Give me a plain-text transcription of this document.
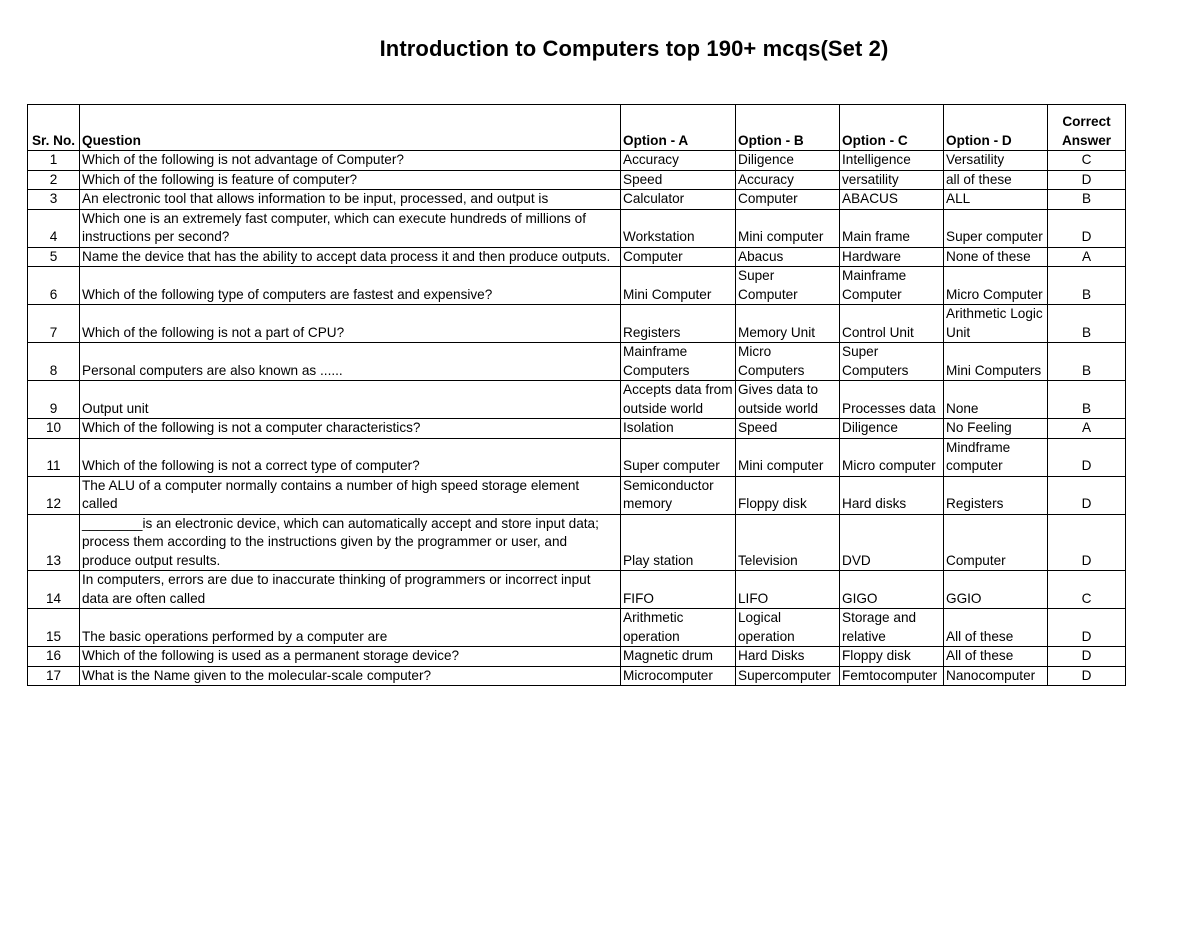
Introduction to Computers top 190+ mcqs(Set 2)
Sr. No.	Question	Option - A	Option - B	Option - C	Option - D	Correct Answer
1	Which of the following is not advantage of Computer?	Accuracy	Diligence	Intelligence	Versatility	C
2	Which of the following is feature of computer?	Speed	Accuracy	versatility	all of these	D
3	An electronic tool that allows information to be input, processed, and output is	Calculator	Computer	ABACUS	ALL	B
4	Which one is an extremely fast computer, which can execute hundreds of millions of instructions per second?	Workstation	Mini computer	Main frame	Super computer	D
5	Name the device that has the ability to accept data process it and then produce outputs.	Computer	Abacus	Hardware	None of these	A
6	Which of the following type of computers are fastest and expensive?	Mini Computer	Super Computer	Mainframe Computer	Micro Computer	B
7	Which of the following is not a part of CPU?	Registers	Memory Unit	Control Unit	Arithmetic Logic Unit	B
8	Personal computers are also known as ......	Mainframe Computers	Micro Computers	Super Computers	Mini Computers	B
9	Output unit	Accepts data from outside world	Gives data to outside world	Processes data	None	B
10	Which of the following is not a computer characteristics?	Isolation	Speed	Diligence	No Feeling	A
11	Which of the following is not a correct type of computer?	Super computer	Mini computer	Micro computer	Mindframe computer	D
12	The ALU of a computer normally contains a number of high speed storage element called	Semiconductor memory	Floppy disk	Hard disks	Registers	D
13	________is an electronic device, which can automatically accept and store input data; process them according to the instructions given by the programmer or user, and produce output results.	Play station	Television	DVD	Computer	D
14	In computers, errors are due to inaccurate thinking of programmers or incorrect input data are often called	FIFO	LIFO	GIGO	GGIO	C
15	The basic operations performed by a computer are	Arithmetic operation	Logical operation	Storage and relative	All of these	D
16	Which of the following is used as a permanent storage device?	Magnetic drum	Hard Disks	Floppy disk	All of these	D
17	What is the Name given to the molecular-scale computer?	Microcomputer	Supercomputer	Femtocomputer	Nanocomputer	D
